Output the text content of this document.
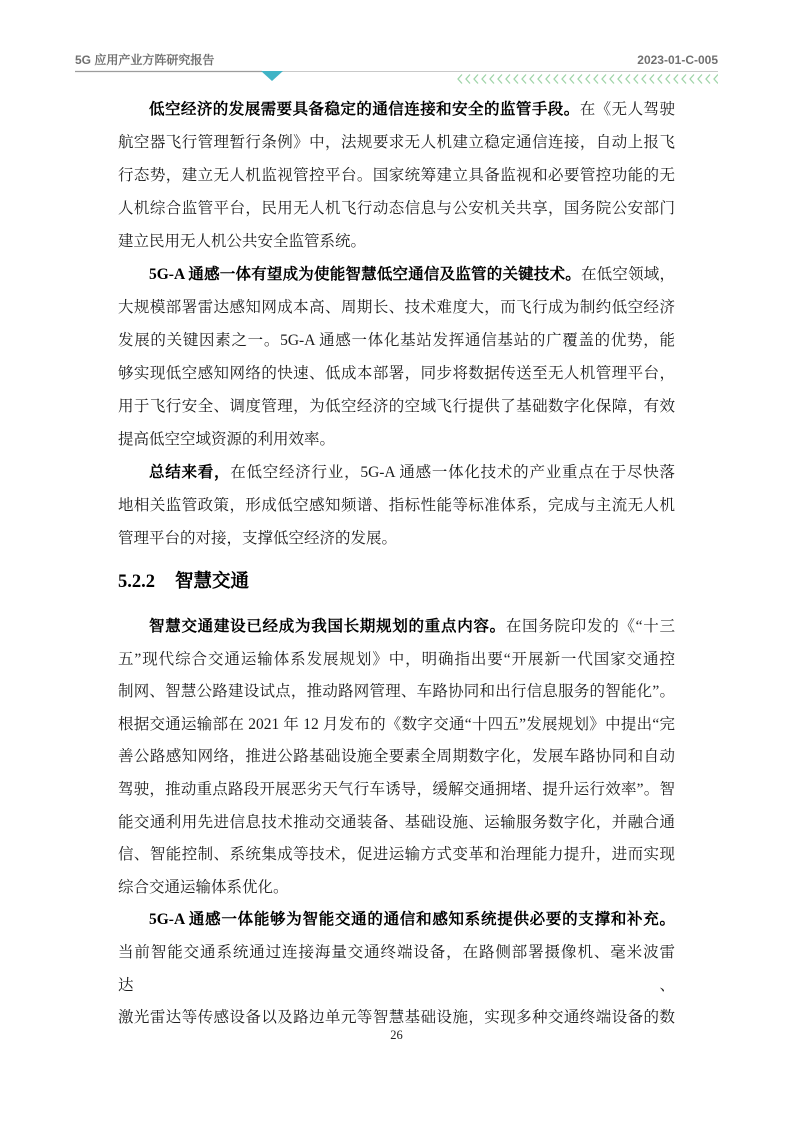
5G 应用产业方阵研究报告	2023-01-C-005
低空经济的发展需要具备稳定的通信连接和安全的监管手段。在《无人驾驶
航空器飞行管理暂行条例》中，法规要求无人机建立稳定通信连接，自动上报飞
行态势，建立无人机监视管控平台。国家统筹建立具备监视和必要管控功能的无
人机综合监管平台，民用无人机飞行动态信息与公安机关共享，国务院公安部门
建立民用无人机公共安全监管系统。
5G-A 通感一体有望成为使能智慧低空通信及监管的关键技术。在低空领域，
大规模部署雷达感知网成本高、周期长、技术难度大，而飞行成为制约低空经济
发展的关键因素之一。5G-A 通感一体化基站发挥通信基站的广覆盖的优势，能
够实现低空感知网络的快速、低成本部署，同步将数据传送至无人机管理平台，
用于飞行安全、调度管理，为低空经济的空域飞行提供了基础数字化保障，有效
提高低空空域资源的利用效率。
总结来看，在低空经济行业，5G-A 通感一体化技术的产业重点在于尽快落
地相关监管政策，形成低空感知频谱、指标性能等标准体系，完成与主流无人机
管理平台的对接，支撑低空经济的发展。
5.2.2 智慧交通
智慧交通建设已经成为我国长期规划的重点内容。在国务院印发的《“十三
五”现代综合交通运输体系发展规划》中，明确指出要“开展新一代国家交通控
制网、智慧公路建设试点，推动路网管理、车路协同和出行信息服务的智能化”。
根据交通运输部在 2021 年 12 月发布的《数字交通“十四五”发展规划》中提出“完
善公路感知网络，推进公路基础设施全要素全周期数字化，发展车路协同和自动
驾驶，推动重点路段开展恶劣天气行车诱导，缓解交通拥堵、提升运行效率”。智
能交通利用先进信息技术推动交通装备、基础设施、运输服务数字化，并融合通
信、智能控制、系统集成等技术，促进运输方式变革和治理能力提升，进而实现
综合交通运输体系优化。
5G-A 通感一体能够为智能交通的通信和感知系统提供必要的支撑和补充。
当前智能交通系统通过连接海量交通终端设备，在路侧部署摄像机、毫米波雷达、
激光雷达等传感设备以及路边单元等智慧基础设施，实现多种交通终端设备的数
26
